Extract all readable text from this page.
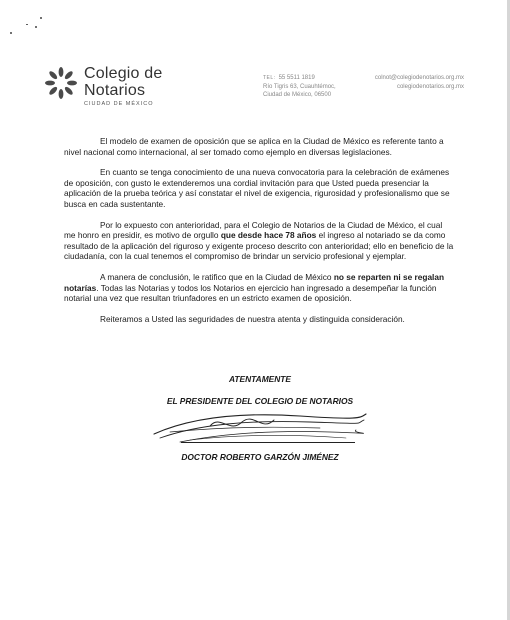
Colegio de
Notarios
CIUDAD DE MÉXICO
TEL: 55 5511 1819
Río Tigris 63, Cuauhtémoc,
Ciudad de México, 06500
colnot@colegiodenotarios.org.mx
colegiodenotarios.org.mx

El modelo de examen de oposición que se aplica en la Ciudad de México es referente tanto a nivel nacional como internacional, al ser tomado como ejemplo en diversas legislaciones.

En cuanto se tenga conocimiento de una nueva convocatoria para la celebración de exámenes de oposición, con gusto le extenderemos una cordial invitación para que Usted pueda presenciar la aplicación de la prueba teórica y así constatar el nivel de exigencia, rigurosidad y profesionalismo que se busca en cada sustentante.

Por lo expuesto con anterioridad, para el Colegio de Notarios de la Ciudad de México, el cual me honro en presidir, es motivo de orgullo que desde hace 78 años el ingreso al notariado se da como resultado de la aplicación del riguroso y exigente proceso descrito con anterioridad; ello en beneficio de la ciudadanía, con la cual tenemos el compromiso de brindar un servicio profesional y ejemplar.

A manera de conclusión, le ratifico que en la Ciudad de México no se reparten ni se regalan notarías. Todas las Notarias y todos los Notarios en ejercicio han ingresado a desempeñar la función notarial una vez que resultan triunfadores en un estricto examen de oposición.

Reiteramos a Usted las seguridades de nuestra atenta y distinguida consideración.

ATENTAMENTE
EL PRESIDENTE DEL COLEGIO DE NOTARIOS
DOCTOR ROBERTO GARZÓN JIMÉNEZ
